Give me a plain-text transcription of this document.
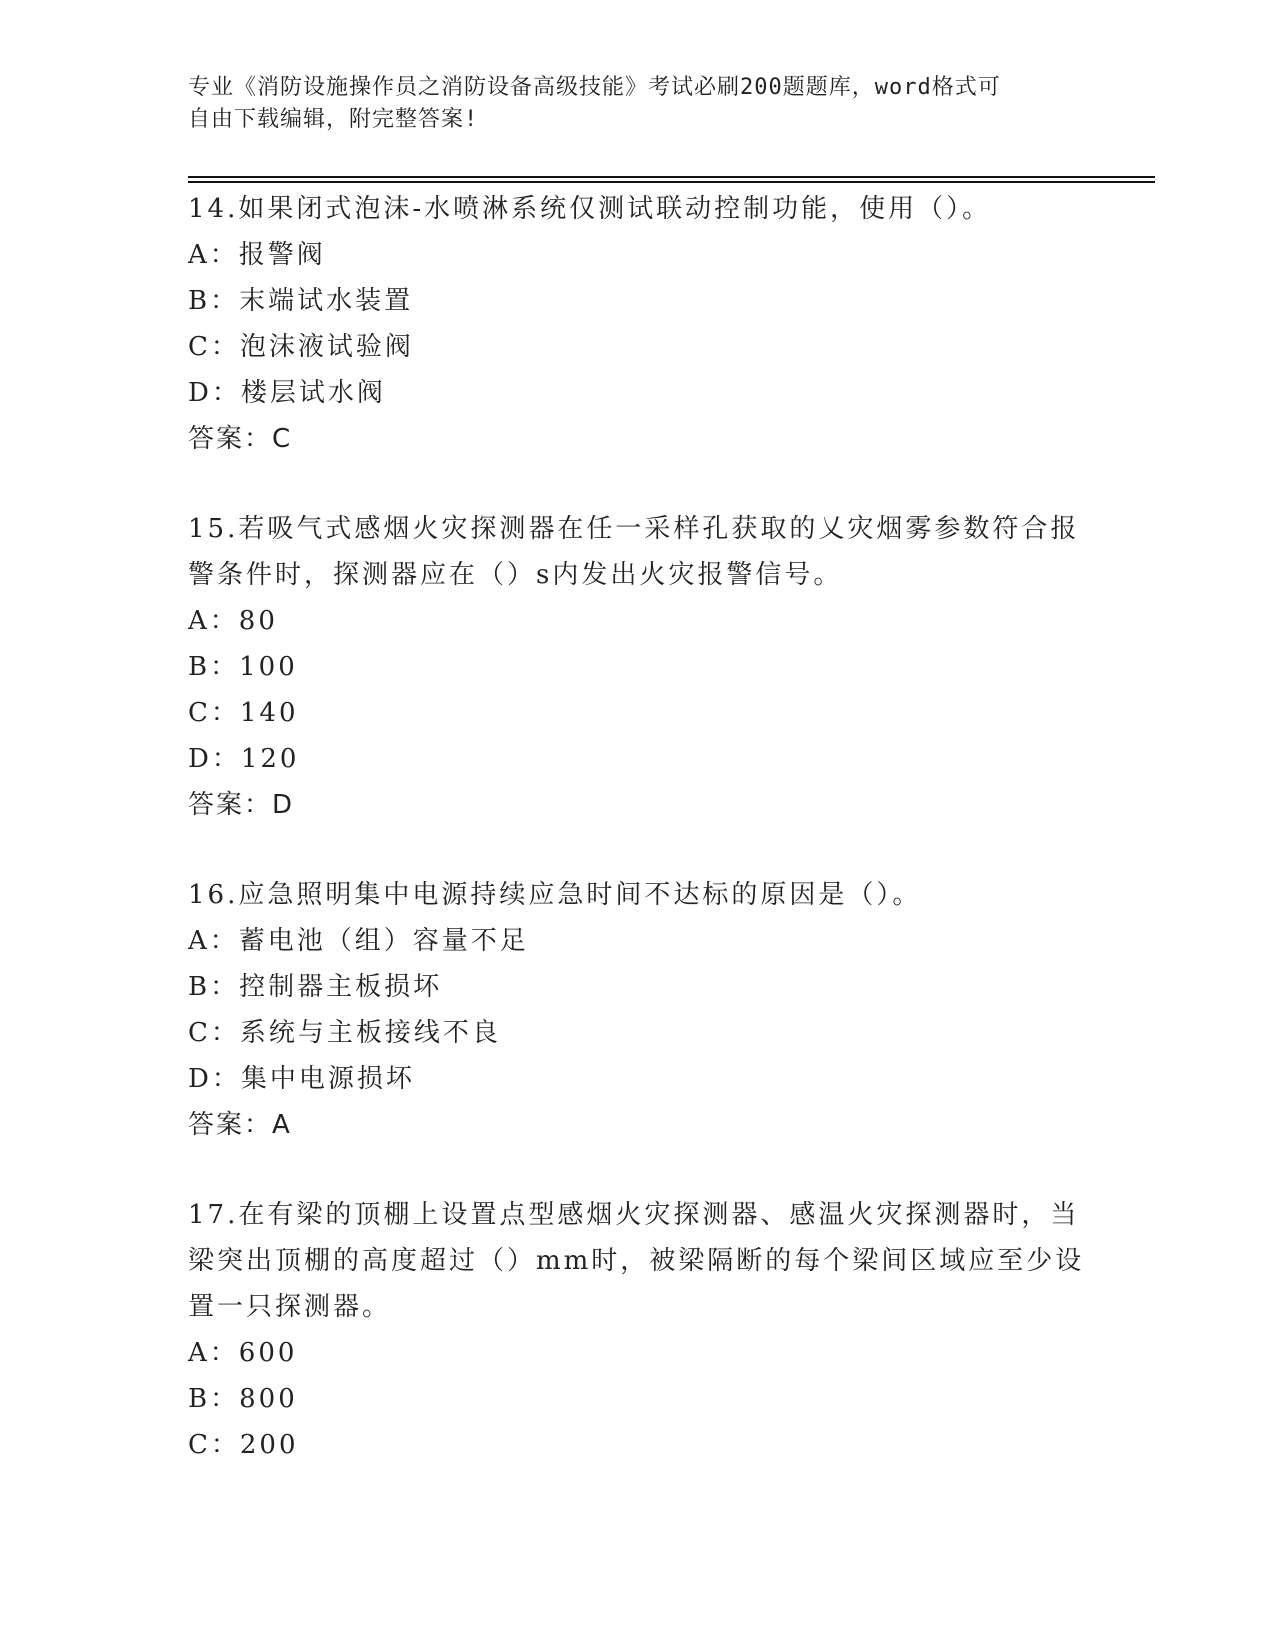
专业《消防设施操作员之消防设备高级技能》考试必刷200题题库，word格式可
自由下载编辑，附完整答案!
14.如果闭式泡沫-水喷淋系统仅测试联动控制功能，使用（）。
A：报警阀
B：末端试水装置
C：泡沫液试验阀
D：楼层试水阀
答案：C
15.若吸气式感烟火灾探测器在任一采样孔获取的乂灾烟雾参数符合报警条件时，探测器应在（）s内发出火灾报警信号。
A：80
B：100
C：140
D：120
答案：D
16.应急照明集中电源持续应急时间不达标的原因是（）。
A：蓄电池（组）容量不足
B：控制器主板损坏
C：系统与主板接线不良
D：集中电源损坏
答案：A
17.在有梁的顶棚上设置点型感烟火灾探测器、感温火灾探测器时，当梁突出顶棚的高度超过（）mm时，被梁隔断的每个梁间区域应至少设置一只探测器。
A：600
B：800
C：200
